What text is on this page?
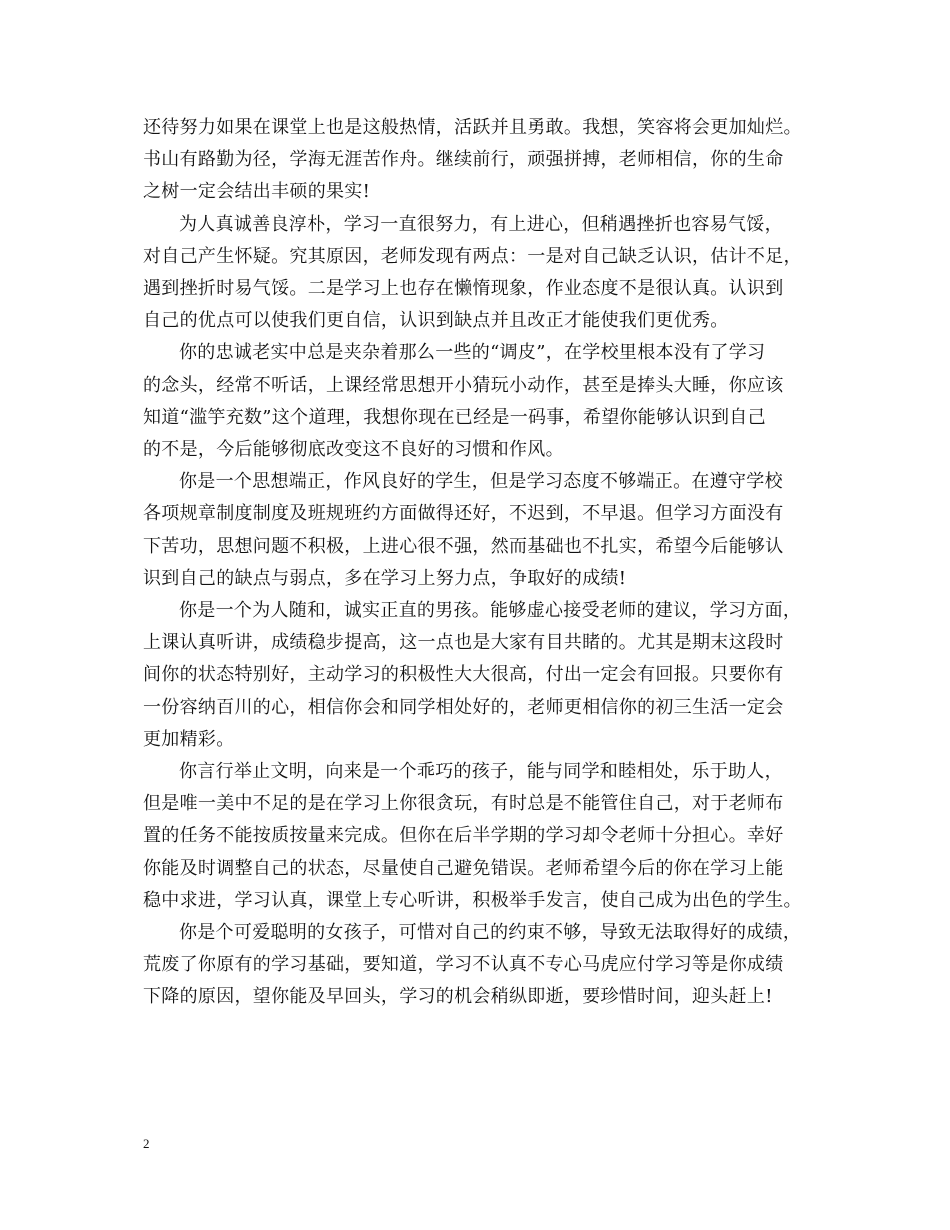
还待努力如果在课堂上也是这般热情，活跃并且勇敢。我想，笑容将会更加灿烂。
书山有路勤为径，学海无涯苦作舟。继续前行，顽强拼搏，老师相信，你的生命
之树一定会结出丰硕的果实!

为人真诚善良淳朴，学习一直很努力，有上进心，但稍遇挫折也容易气馁，
对自己产生怀疑。究其原因，老师发现有两点：一是对自己缺乏认识，估计不足，
遇到挫折时易气馁。二是学习上也存在懒惰现象，作业态度不是很认真。认识到
自己的优点可以使我们更自信，认识到缺点并且改正才能使我们更优秀。

你的忠诚老实中总是夹杂着那么一些的“调皮”，在学校里根本没有了学习
的念头，经常不听话，上课经常思想开小猜玩小动作，甚至是捧头大睡，你应该
知道“滥竽充数”这个道理，我想你现在已经是一码事，希望你能够认识到自己
的不是，今后能够彻底改变这不良好的习惯和作风。

你是一个思想端正，作风良好的学生，但是学习态度不够端正。在遵守学校
各项规章制度制度及班规班约方面做得还好，不迟到，不早退。但学习方面没有
下苦功，思想问题不积极，上进心很不强，然而基础也不扎实，希望今后能够认
识到自己的缺点与弱点，多在学习上努力点，争取好的成绩!

你是一个为人随和，诚实正直的男孩。能够虚心接受老师的建议，学习方面，
上课认真听讲，成绩稳步提高，这一点也是大家有目共睹的。尤其是期末这段时
间你的状态特别好，主动学习的积极性大大很高，付出一定会有回报。只要你有
一份容纳百川的心，相信你会和同学相处好的，老师更相信你的初三生活一定会
更加精彩。

你言行举止文明，向来是一个乖巧的孩子，能与同学和睦相处，乐于助人，
但是唯一美中不足的是在学习上你很贪玩，有时总是不能管住自己，对于老师布
置的任务不能按质按量来完成。但你在后半学期的学习却令老师十分担心。幸好
你能及时调整自己的状态，尽量使自己避免错误。老师希望今后的你在学习上能
稳中求进，学习认真，课堂上专心听讲，积极举手发言，使自己成为出色的学生。

你是个可爱聪明的女孩子，可惜对自己的约束不够，导致无法取得好的成绩，
荒废了你原有的学习基础，要知道，学习不认真不专心马虎应付学习等是你成绩
下降的原因，望你能及早回头，学习的机会稍纵即逝，要珍惜时间，迎头赶上!

2
